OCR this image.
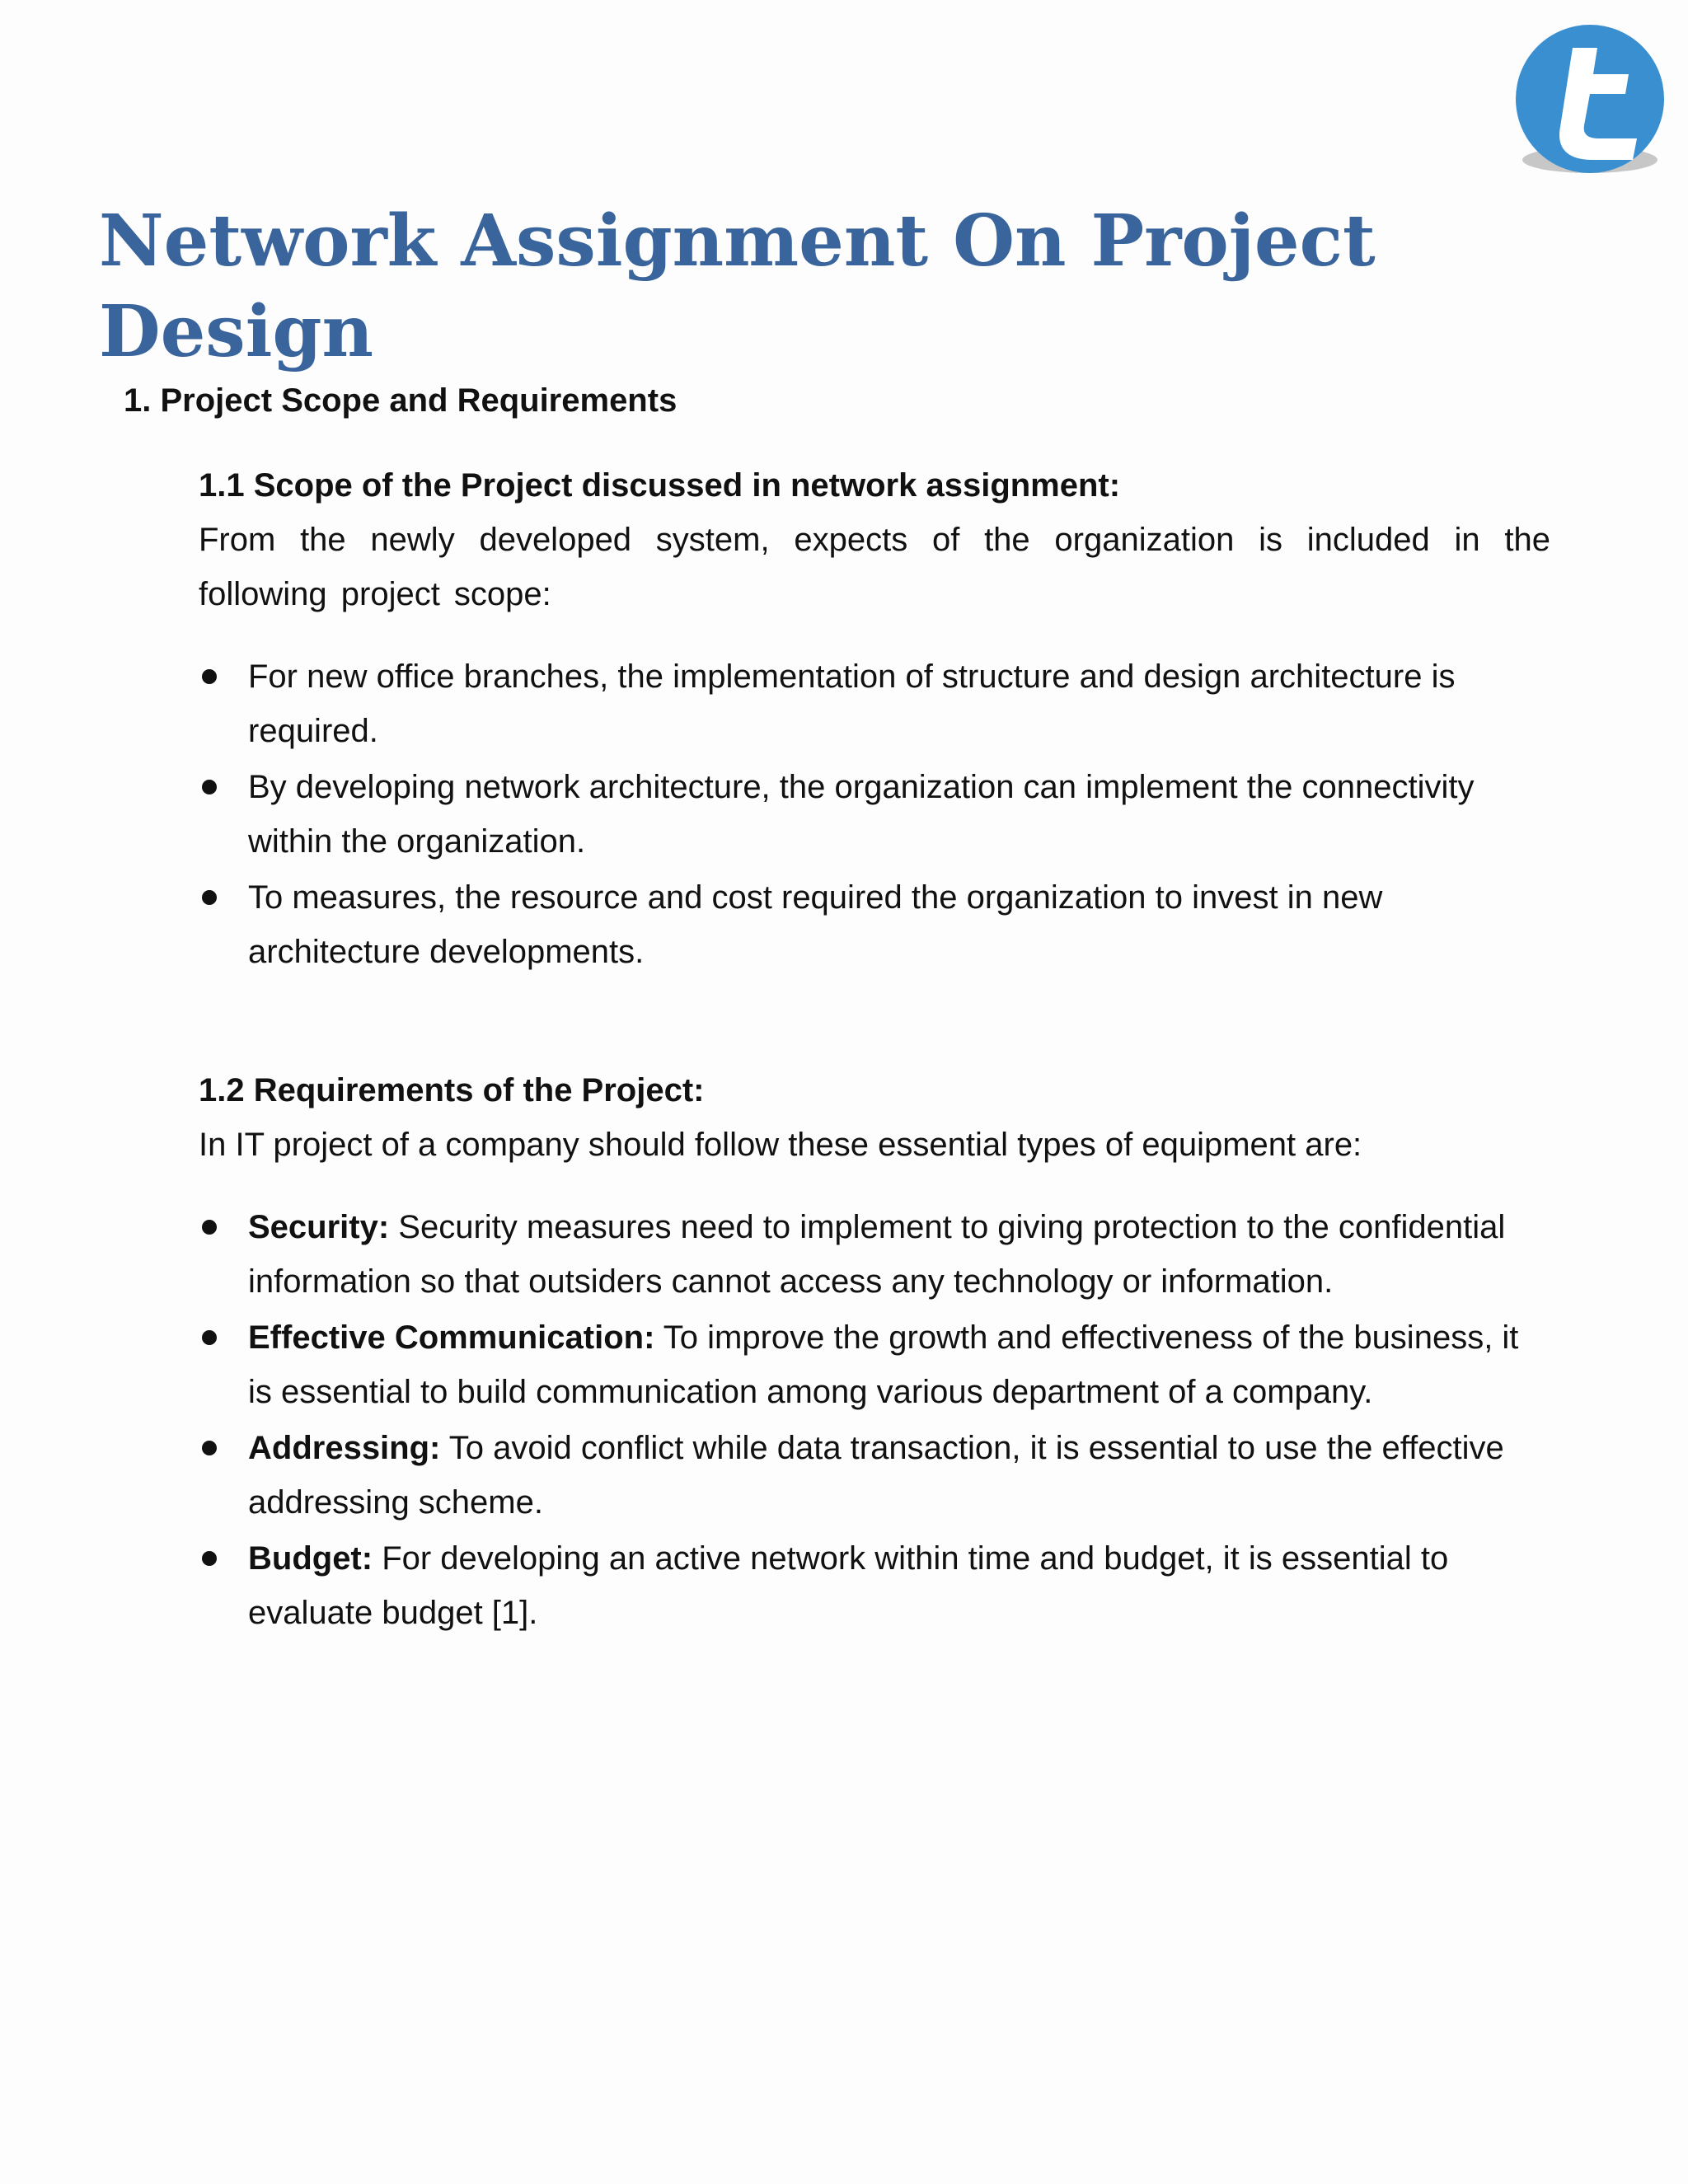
Network Assignment On Project Design
1. Project Scope and Requirements
1.1 Scope of the Project discussed in network assignment:

From the newly developed system, expects of the organization is included in the following project scope:

For new office branches, the implementation of structure and design architecture is required.
By developing network architecture, the organization can implement the connectivity within the organization.
To measures, the resource and cost required the organization to invest in new architecture developments.
1.2 Requirements of the Project:

In IT project of a company should follow these essential types of equipment are:

Security: Security measures need to implement to giving protection to the confidential information so that outsiders cannot access any technology or information.
Effective Communication: To improve the growth and effectiveness of the business, it is essential to build communication among various department of a company.
Addressing: To avoid conflict while data transaction, it is essential to use the effective addressing scheme.
Budget: For developing an active network within time and budget, it is essential to evaluate budget [1].
